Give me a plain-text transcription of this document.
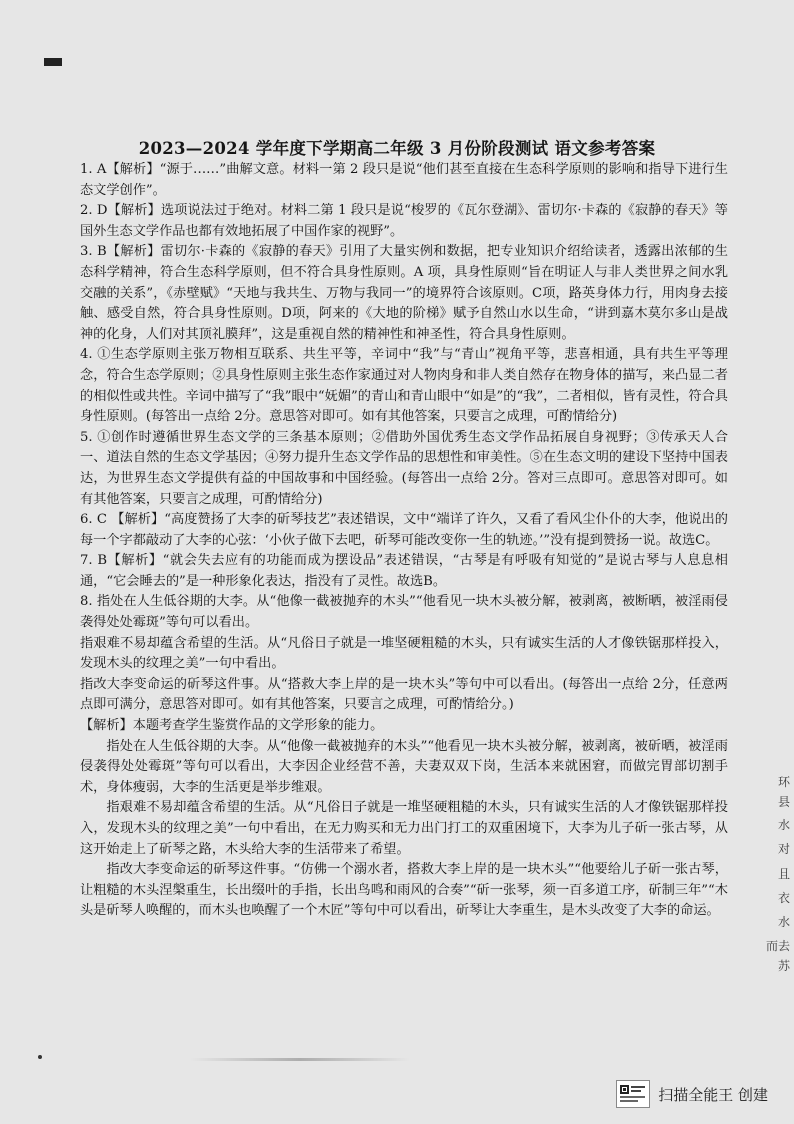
2023—2024 学年度下学期高二年级 3 月份阶段测试 语文参考答案

1. A【解析】“源于……”曲解文意。材料一第 2 段只是说“他们甚至直接在生态科学原则的影响和指导下进行生态文学创作”。

2. D【解析】选项说法过于绝对。材料二第 1 段只是说“梭罗的《瓦尔登湖》、雷切尔·卡森的《寂静的春天》等国外生态文学作品也都有效地拓展了中国作家的视野”。

3. B【解析】雷切尔·卡森的《寂静的春天》引用了大量实例和数据，把专业知识介绍给读者，透露出浓郁的生态科学精神，符合生态科学原则，但不符合具身性原则。A 项，具身性原则“旨在明证人与非人类世界之间水乳交融的关系”，《赤壁赋》“天地与我共生、万物与我同一”的境界符合该原则。C项，路英身体力行，用肉身去接触、感受自然，符合具身性原则。D项，阿来的《大地的阶梯》赋予自然山水以生命，“讲到嘉木莫尔多山是战神的化身，人们对其顶礼膜拜”，这是重视自然的精神性和神圣性，符合具身性原则。

4. ①生态学原则主张万物相互联系、共生平等，辛词中“我”与“青山”视角平等，悲喜相通，具有共生平等理念，符合生态学原则；②具身性原则主张生态作家通过对人物肉身和非人类自然存在物身体的描写，来凸显二者的相似性或共性。辛词中描写了“我”眼中“妩媚”的青山和青山眼中“如是”的“我”，二者相似，皆有灵性，符合具身性原则。(每答出一点给 2分。意思答对即可。如有其他答案，只要言之成理，可酌情给分)

5. ①创作时遵循世界生态文学的三条基本原则；②借助外国优秀生态文学作品拓展自身视野；③传承天人合一、道法自然的生态文学基因；④努力提升生态文学作品的思想性和审美性。⑤在生态文明的建设下坚持中国表达，为世界生态文学提供有益的中国故事和中国经验。(每答出一点给 2分。答对三点即可。意思答对即可。如有其他答案，只要言之成理，可酌情给分)

6. C 【解析】“高度赞扬了大李的斫琴技艺”表述错误，文中“端详了许久，又看了看风尘仆仆的大李，他说出的每一个字都敲动了大李的心弦：‘小伙子做下去吧，斫琴可能改变你一生的轨迹。’”没有提到赞扬一说。故选C。

7. B【解析】“就会失去应有的功能而成为摆设品”表述错误，“古琴是有呼吸有知觉的”是说古琴与人息息相通，“它会睡去的”是一种形象化表达，指没有了灵性。故选B。

8. 指处在人生低谷期的大李。从“他像一截被抛弃的木头”“他看见一块木头被分解，被剥离，被断晒，被淫雨侵袭得处处霉斑”等句可以看出。

指艰难不易却蕴含希望的生活。从“凡俗日子就是一堆坚硬粗糙的木头，只有诚实生活的人才像铁锯那样投入，发现木头的纹理之美”一句中看出。

指改大李变命运的斫琴这件事。从“搭救大李上岸的是一块木头”等句中可以看出。(每答出一点给 2分，任意两点即可满分，意思答对即可。如有其他答案，只要言之成理，可酌情给分。)

【解析】本题考查学生鉴赏作品的文学形象的能力。

指处在人生低谷期的大李。从“他像一截被抛弃的木头”“他看见一块木头被分解，被剥离，被斫晒，被淫雨侵袭得处处霉斑”等句可以看出，大李因企业经营不善，夫妻双双下岗，生活本来就困窘，而做完胃部切割手术，身体瘦弱，大李的生活更是举步维艰。

指艰难不易却蕴含希望的生活。从“凡俗日子就是一堆坚硬粗糙的木头，只有诚实生活的人才像铁锯那样投入，发现木头的纹理之美”一句中看出，在无力购买和无力出门打工的双重困境下，大李为儿子斫一张古琴，从这开始走上了斫琴之路，木头给大李的生活带来了希望。

指改大李变命运的斫琴这件事。“仿佛一个溺水者，搭救大李上岸的是一块木头”“他要给儿子斫一张古琴，让粗糙的木头涅槃重生，长出缀叶的手指，长出鸟鸣和雨风的合奏”“斫一张琴，须一百多道工序，斫制三年”“木头是斫琴人唤醒的，而木头也唤醒了一个木匠”等句中可以看出，斫琴让大李重生，是木头改变了大李的命运。

环
县
水
对
且
衣
水
而去
苏
扫描全能王 创建
